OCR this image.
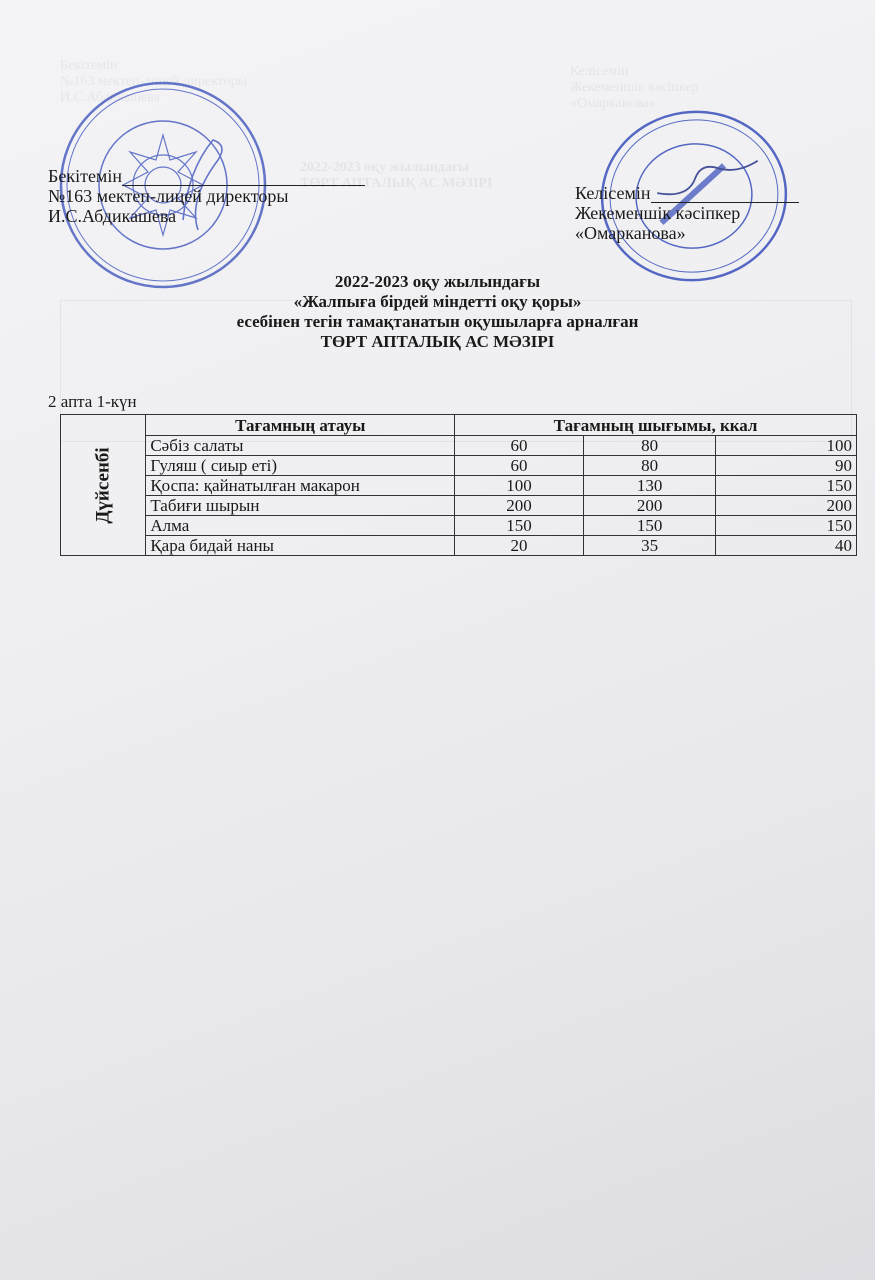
Бекітемін
№163 мектеп-лицей директоры
И.С.Абдикашева
Келісемін
Жекеменшік кәсіпкер
«Омарканова»
2022-2023 оқу жылындағы
ТӨРТ АПТАЛЫҚ АС МӘЗІРІ
Бекітемін
№163 мектеп-лицей директоры
И.С.Абдикашева
Келісемін
Жекеменшік кәсіпкер
«Омарканова»
2022-2023 оқу жылындағы
«Жалпыға бірдей міндетті оқу қоры»
есебінен тегін тамақтанатын оқушыларға арналған
ТӨРТ АПТАЛЫҚ АС МӘЗІРІ
2 апта 1-күн
Дүйсенбі	Тағамның атауы	Тағамның шығымы, ккал		
	Сәбіз салаты	60	80	100
	Гуляш ( сиыр еті)	60	80	90
	Қоспа: қайнатылған макарон	100	130	150
	Табиғи шырын	200	200	200
	Алма	150	150	150
	Қара бидай наны	20	35	40
